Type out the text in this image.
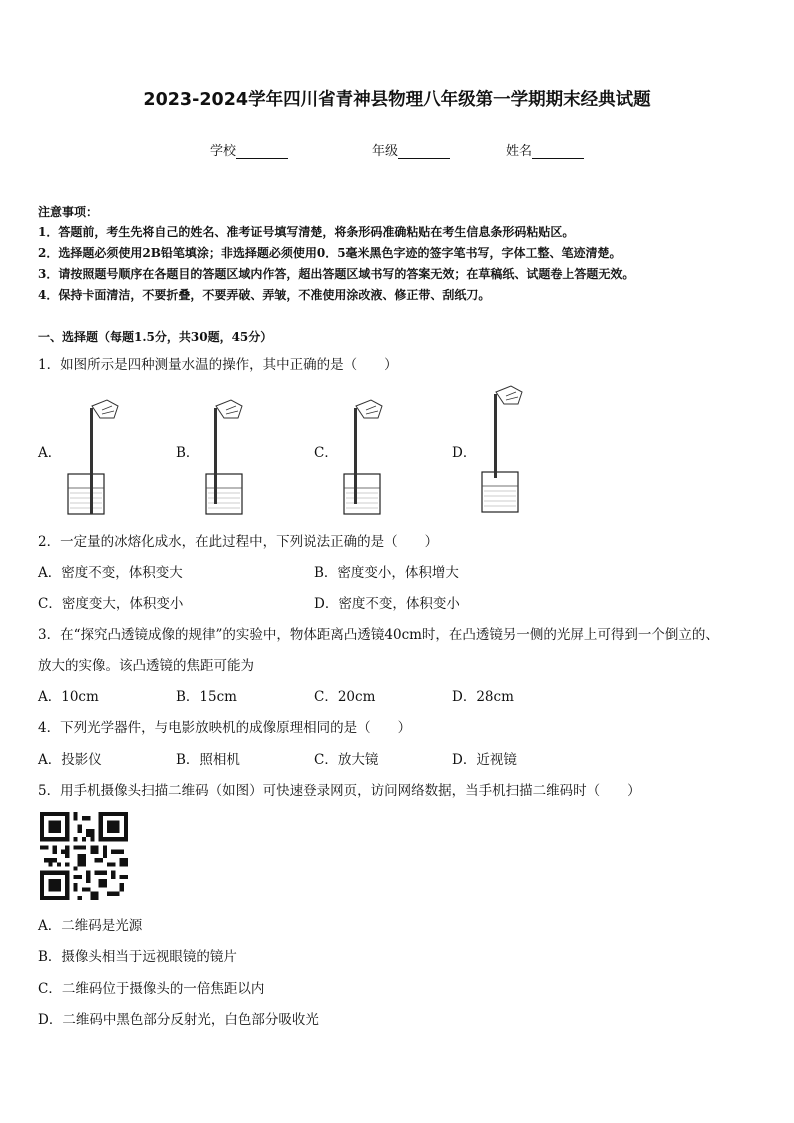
2023-2024学年四川省青神县物理八年级第一学期期末经典试题
学校	年级	姓名
注意事项：
1．答题前，考生先将自己的姓名、准考证号填写清楚，将条形码准确粘贴在考生信息条形码粘贴区。
2．选择题必须使用2B铅笔填涂；非选择题必须使用0．5毫米黑色字迹的签字笔书写，字体工整、笔迹清楚。
3．请按照题号顺序在各题目的答题区域内作答，超出答题区域书写的答案无效；在草稿纸、试题卷上答题无效。
4．保持卡面清洁，不要折叠，不要弄破、弄皱，不准使用涂改液、修正带、刮纸刀。
一、选择题（每题1.5分，共30题，45分）
1．如图所示是四种测量水温的操作，其中正确的是（　　）
A．	B．	C．	D．
2．一定量的冰熔化成水，在此过程中，下列说法正确的是（　　）
A．密度不变，体积变大	B．密度变小，体积增大
C．密度变大，体积变小	D．密度不变，体积变小
3．在“探究凸透镜成像的规律”的实验中，物体距离凸透镜40cm时，在凸透镜另一侧的光屏上可得到一个倒立的、
放大的实像。该凸透镜的焦距可能为
A．10cm	B．15cm	C．20cm	D．28cm
4．下列光学器件，与电影放映机的成像原理相同的是（　　）
A．投影仪	B．照相机	C．放大镜	D．近视镜
5．用手机摄像头扫描二维码（如图）可快速登录网页，访问网络数据，当手机扫描二维码时（　　）
A．二维码是光源
B．摄像头相当于远视眼镜的镜片
C．二维码位于摄像头的一倍焦距以内
D．二维码中黑色部分反射光，白色部分吸收光
